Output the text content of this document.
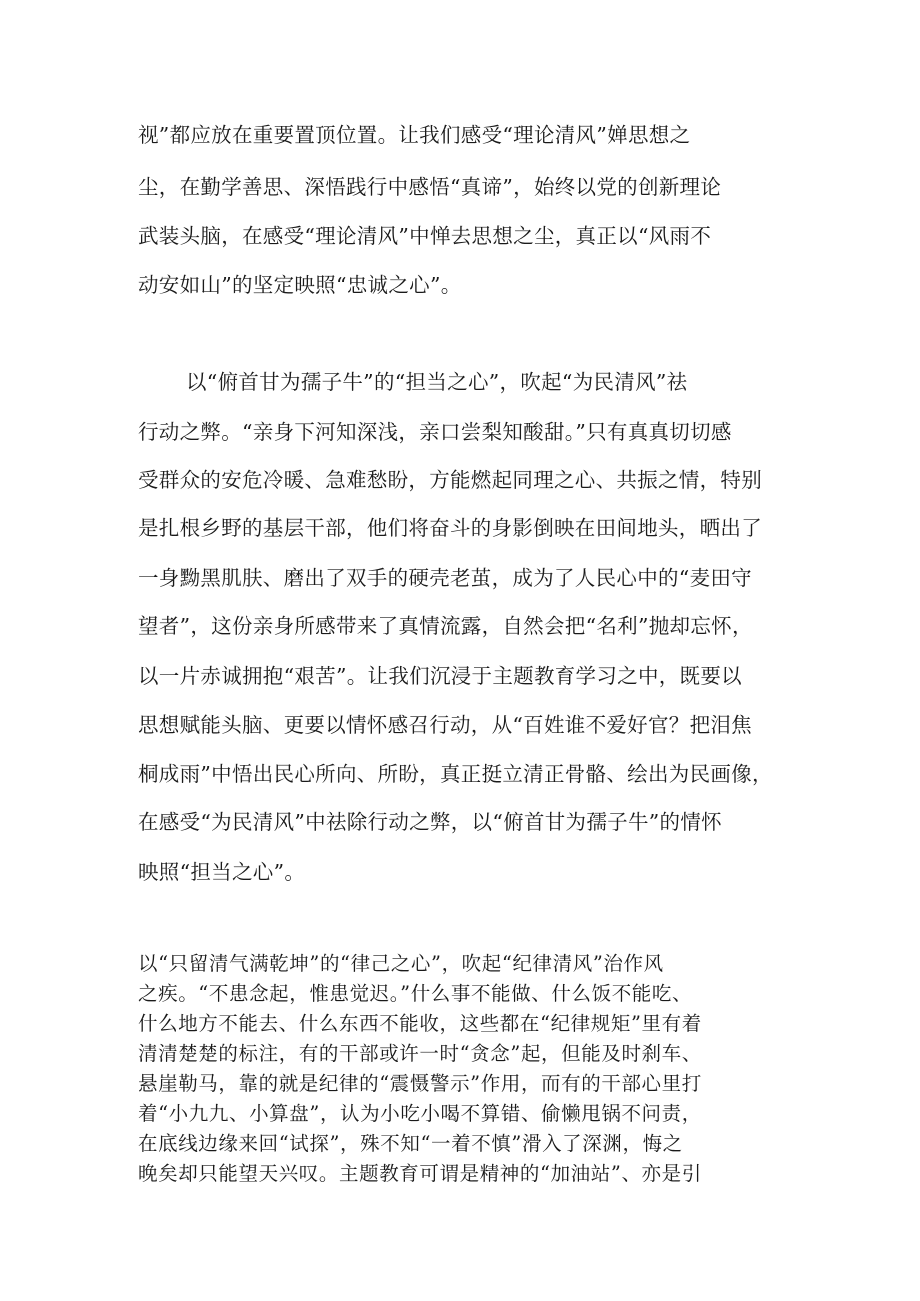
视”都应放在重要置顶位置。让我们感受“理论清风”婵思想之
尘，在勤学善思、深悟践行中感悟“真谛”，始终以党的创新理论
武装头脑，在感受“理论清风”中惮去思想之尘，真正以“风雨不
动安如山”的坚定映照“忠诚之心”。
以“俯首甘为孺子牛”的“担当之心”，吹起“为民清风”祛
行动之弊。“亲身下河知深浅，亲口尝梨知酸甜。”只有真真切切感
受群众的安危冷暖、急难愁盼，方能燃起同理之心、共振之情，特别
是扎根乡野的基层干部，他们将奋斗的身影倒映在田间地头，晒出了
一身黝黑肌肤、磨出了双手的硬壳老茧，成为了人民心中的“麦田守
望者”，这份亲身所感带来了真情流露，自然会把“名利”抛却忘怀，
以一片赤诚拥抱“艰苦”。让我们沉浸于主题教育学习之中，既要以
思想赋能头脑、更要以情怀感召行动，从“百姓谁不爱好官？把泪焦
桐成雨”中悟出民心所向、所盼，真正挺立清正骨骼、绘出为民画像，
在感受“为民清风”中祛除行动之弊，以“俯首甘为孺子牛”的情怀
映照“担当之心”。
以“只留清气满乾坤”的“律己之心”，吹起“纪律清风”治作风
之疾。“不患念起，惟患觉迟。”什么事不能做、什么饭不能吃、
什么地方不能去、什么东西不能收，这些都在“纪律规矩”里有着
清清楚楚的标注，有的干部或许一时“贪念”起，但能及时刹车、
悬崖勒马，靠的就是纪律的“震慑警示”作用，而有的干部心里打
着“小九九、小算盘”，认为小吃小喝不算错、偷懒甩锅不问责，
在底线边缘来回“试探”，殊不知“一着不慎”滑入了深渊，悔之
晚矣却只能望天兴叹。主题教育可谓是精神的“加油站”、亦是引
